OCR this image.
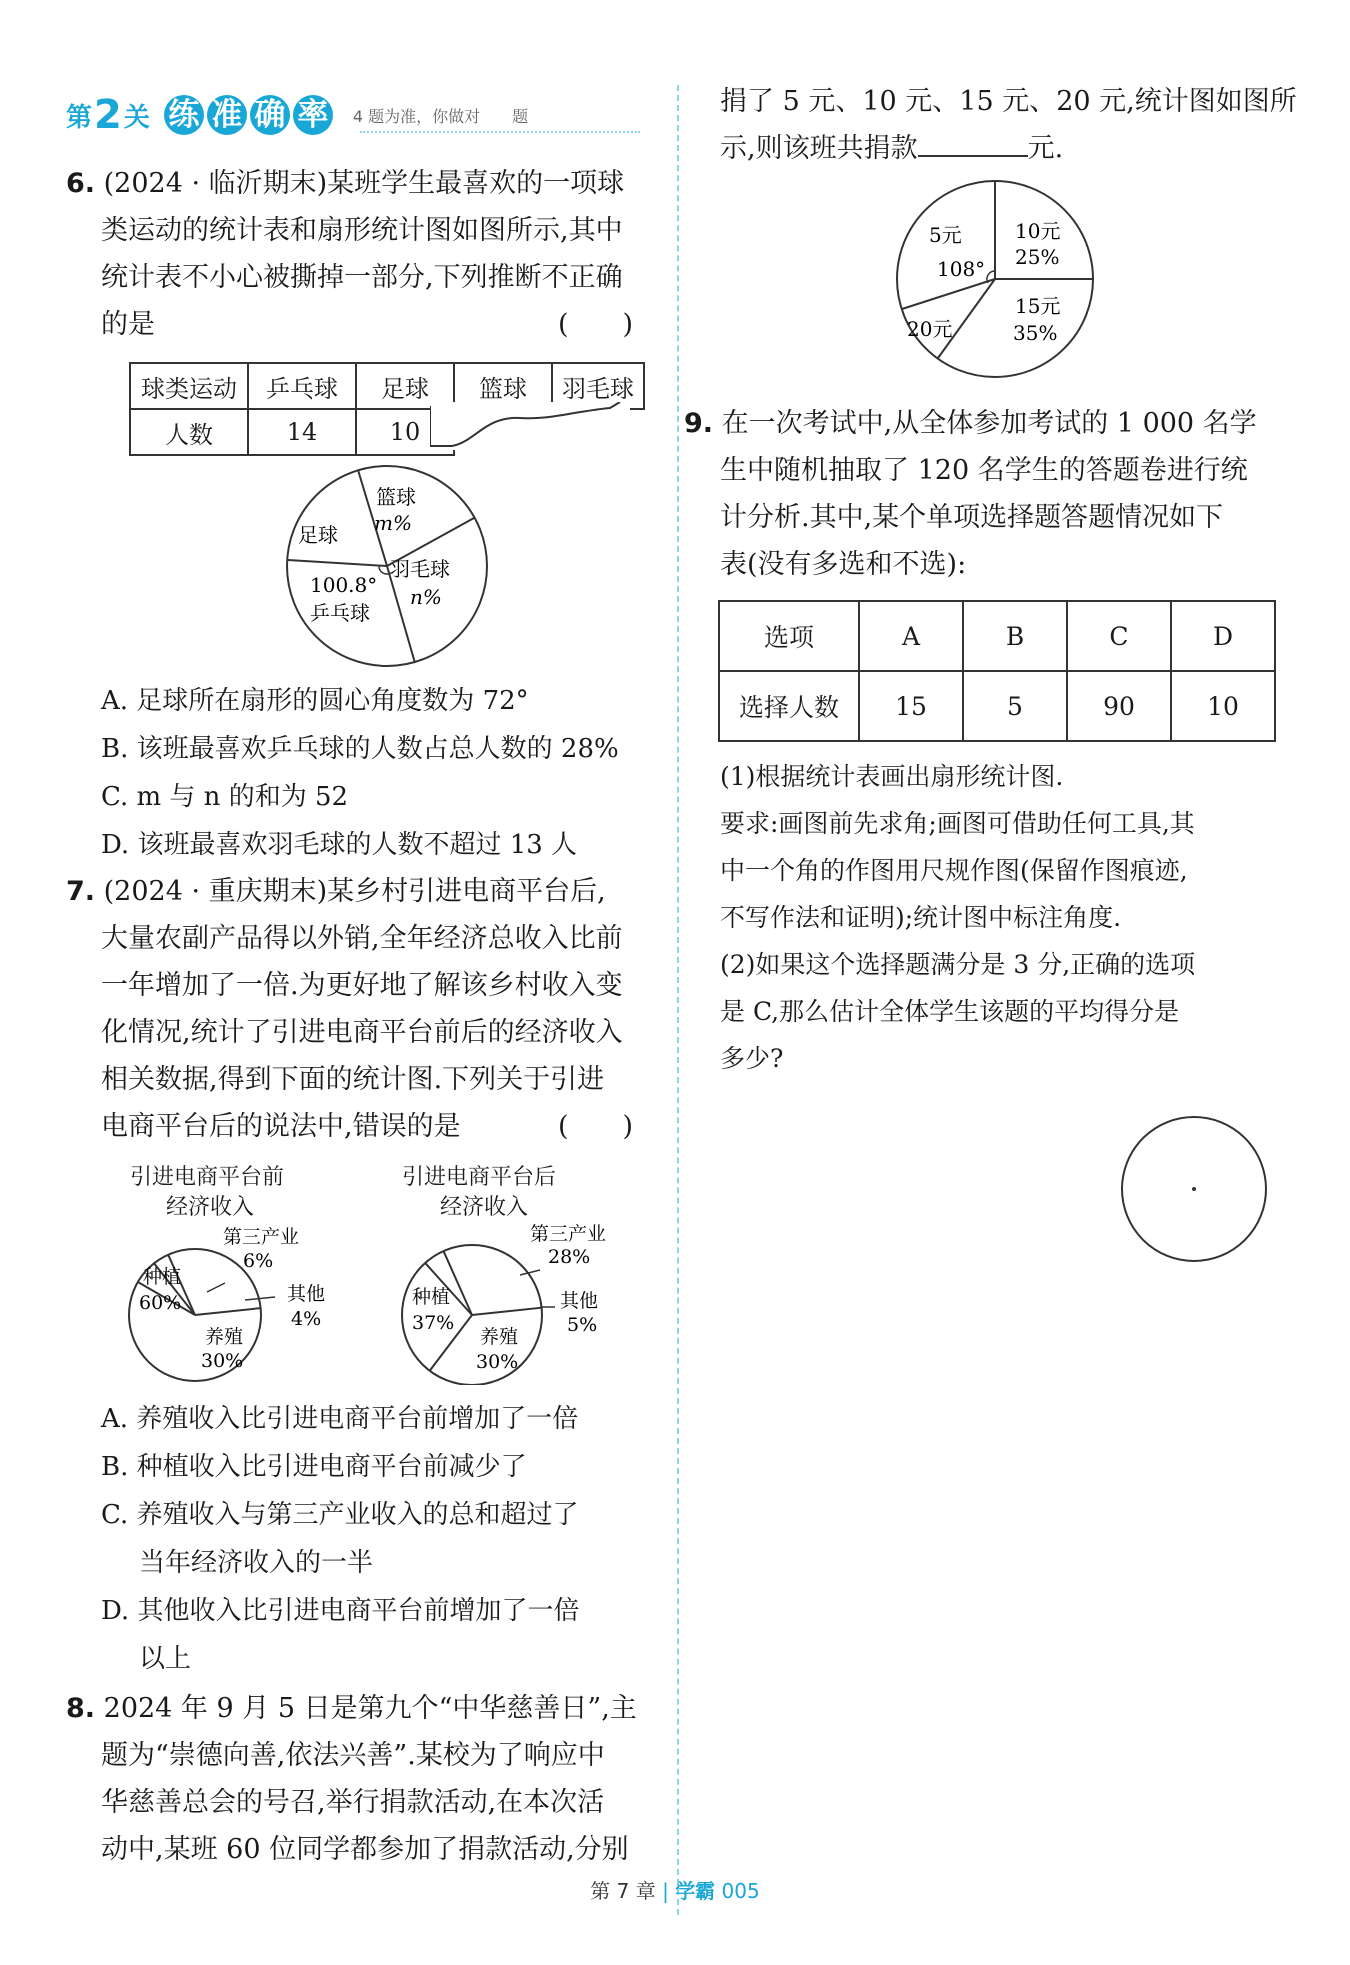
第 2 关 练 准 确 率 4 题为准，你做对　　题
6. (2024 · 临沂期末)某班学生最喜欢的一项球
类运动的统计表和扇形统计图如图所示,其中
统计表不小心被撕掉一部分,下列推断不正确
的是	(　　)
球类运动	乒乓球	足球	篮球	羽毛球
人数	14	10		
足球
篮球
m%
羽毛球
n%
100.8°
乒乓球
A. 足球所在扇形的圆心角度数为 72°
B. 该班最喜欢乒乓球的人数占总人数的 28%
C. m 与 n 的和为 52
D. 该班最喜欢羽毛球的人数不超过 13 人
7. (2024 · 重庆期末)某乡村引进电商平台后,
大量农副产品得以外销,全年经济总收入比前
一年增加了一倍.为更好地了解该乡村收入变
化情况,统计了引进电商平台前后的经济收入
相关数据,得到下面的统计图.下列关于引进
电商平台后的说法中,错误的是	(　　)
引进电商平台前
经济收入
引进电商平台后
经济收入
种植
60%
第三产业
6%
其他
4%
养殖
30%
种植
37%
第三产业
28%
其他
5%
养殖
30%
A. 养殖收入比引进电商平台前增加了一倍
B. 种植收入比引进电商平台前减少了
C. 养殖收入与第三产业收入的总和超过了
当年经济收入的一半
D. 其他收入比引进电商平台前增加了一倍
以上
8. 2024 年 9 月 5 日是第九个“中华慈善日”,主
题为“崇德向善,依法兴善”.某校为了响应中
华慈善总会的号召,举行捐款活动,在本次活
动中,某班 60 位同学都参加了捐款活动,分别
捐了 5 元、10 元、15 元、20 元,统计图如图所
示,则该班共捐款	元.
5元
108°
10元
25%
15元
35%
20元
9. 在一次考试中,从全体参加考试的 1 000 名学
生中随机抽取了 120 名学生的答题卷进行统
计分析.其中,某个单项选择题答题情况如下
表(没有多选和不选):
选项	A	B	C	D
选择人数	15	5	90	10
(1)根据统计表画出扇形统计图.
要求:画图前先求角;画图可借助任何工具,其
中一个角的作图用尺规作图(保留作图痕迹,
不写作法和证明);统计图中标注角度.
(2)如果这个选择题满分是 3 分,正确的选项
是 C,那么估计全体学生该题的平均得分是
多少?
第 7 章 | 学霸 005
